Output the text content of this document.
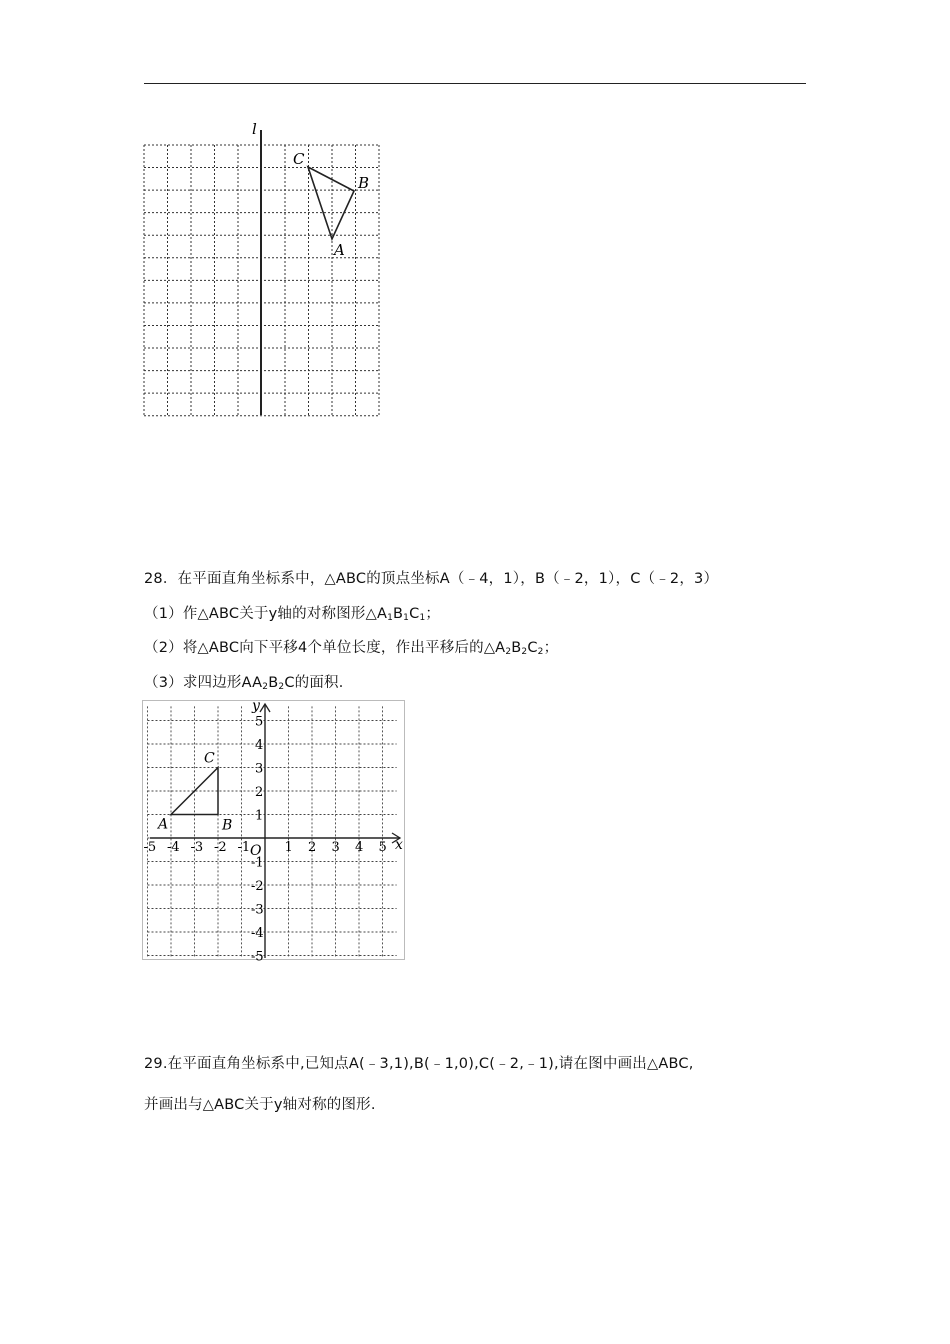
l
C
B
A
28．在平面直角坐标系中，△ABC的顶点坐标A（﹣4，1），B（﹣2，1），C（﹣2，3）
（1）作△ABC关于y轴的对称图形$\triangle A_1B_1C_1$；
（2）将△ABC向下平移4个单位长度，作出平移后的$\triangle A_2B_2C_2$；
（3）求四边形$AA_2B_2C$的面积．
x
y
O
-5 -4 -3 -2 -1	1 2 3 4 5
5
4
3
2
1
-1
-2
-3
-4
-5
A	B
C
29.在平面直角坐标系中,已知点A(﹣3,1),B(﹣1,0),C(﹣2,﹣1),请在图中画出△ABC,
并画出与△ABC关于y轴对称的图形.
